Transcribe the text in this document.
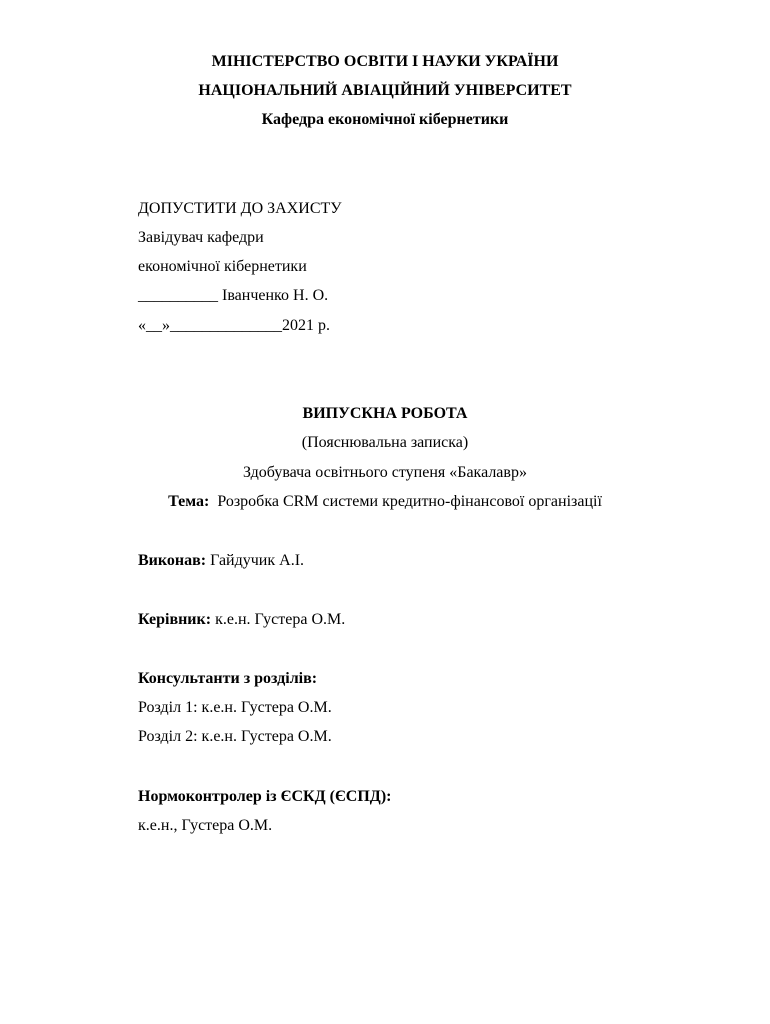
МІНІСТЕРСТВО ОСВІТИ І НАУКИ УКРАЇНИ
НАЦІОНАЛЬНИЙ АВІАЦІЙНИЙ УНІВЕРСИТЕТ
Кафедра економічної кібернетики
ДОПУСТИТИ ДО ЗАХИСТУ
Завідувач кафедри
економічної кібернетики
__________ Іванченко Н. О.
«__»______________2021 р.
ВИПУСКНА РОБОТА
(Пояснювальна записка)
Здобувача освітнього ступеня «Бакалавр»
Тема:  Розробка CRM системи кредитно-фінансової організації
Виконав: Гайдучик А.І.
Керівник: к.е.н. Густера О.М.
Консультанти з розділів:
Розділ 1: к.е.н. Густера О.М.
Розділ 2: к.е.н. Густера О.М.
Нормоконтролер із ЄСКД (ЄСПД):
к.е.н., Густера О.М.
